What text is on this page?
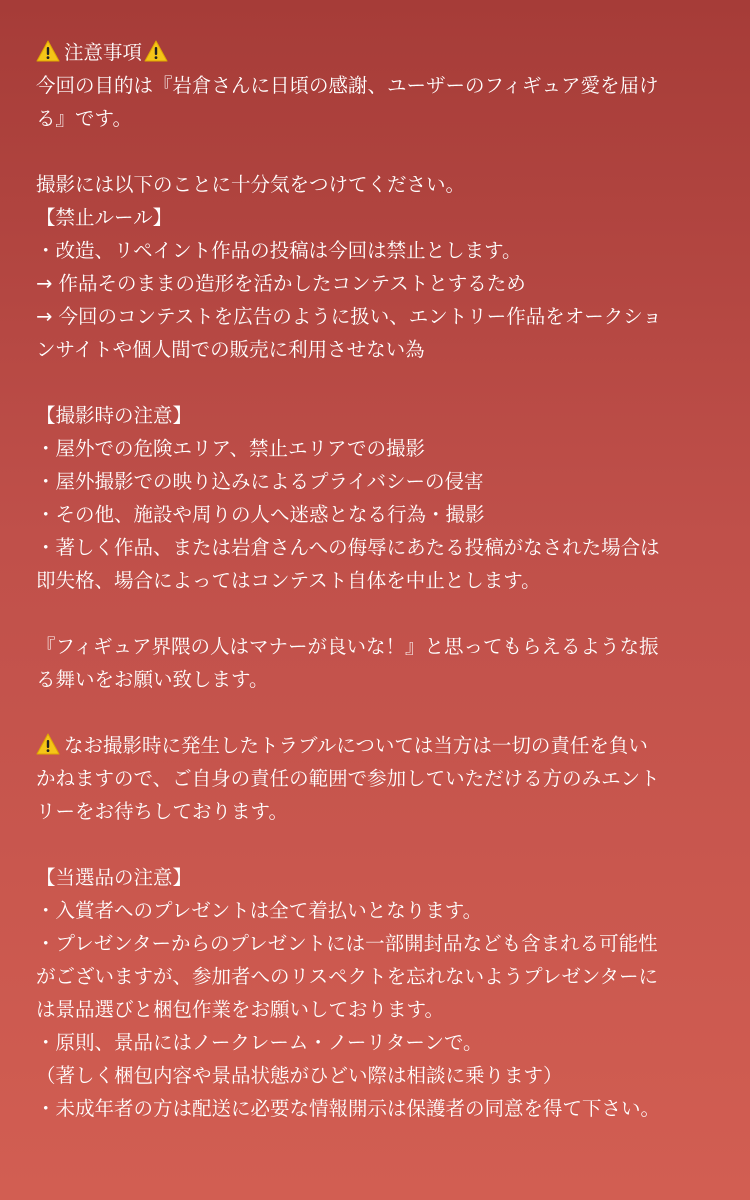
注意事項
今回の目的は『岩倉さんに日頃の感謝、ユーザーのフィギュア愛を届け
る』です。
撮影には以下のことに十分気をつけてください。
【禁止ルール】
・改造、リペイント作品の投稿は今回は禁止とします。
→ 作品そのままの造形を活かしたコンテストとするため
→ 今回のコンテストを広告のように扱い、エントリー作品をオークショ
ンサイトや個人間での販売に利用させない為
【撮影時の注意】
・屋外での危険エリア、禁止エリアでの撮影
・屋外撮影での映り込みによるプライバシーの侵害
・その他、施設や周りの人へ迷惑となる行為・撮影
・著しく作品、または岩倉さんへの侮辱にあたる投稿がなされた場合は
即失格、場合によってはコンテスト自体を中止とします。
『フィギュア界隈の人はマナーが良いな！』と思ってもらえるような振
る舞いをお願い致します。
なお撮影時に発生したトラブルについては当方は一切の責任を負い
かねますので、ご自身の責任の範囲で参加していただける方のみエント
リーをお待ちしております。
【当選品の注意】
・入賞者へのプレゼントは全て着払いとなります。
・プレゼンターからのプレゼントには一部開封品なども含まれる可能性
がございますが、参加者へのリスペクトを忘れないようプレゼンターに
は景品選びと梱包作業をお願いしております。
・原則、景品にはノークレーム・ノーリターンで。
（著しく梱包内容や景品状態がひどい際は相談に乗ります）
・未成年者の方は配送に必要な情報開示は保護者の同意を得て下さい。
